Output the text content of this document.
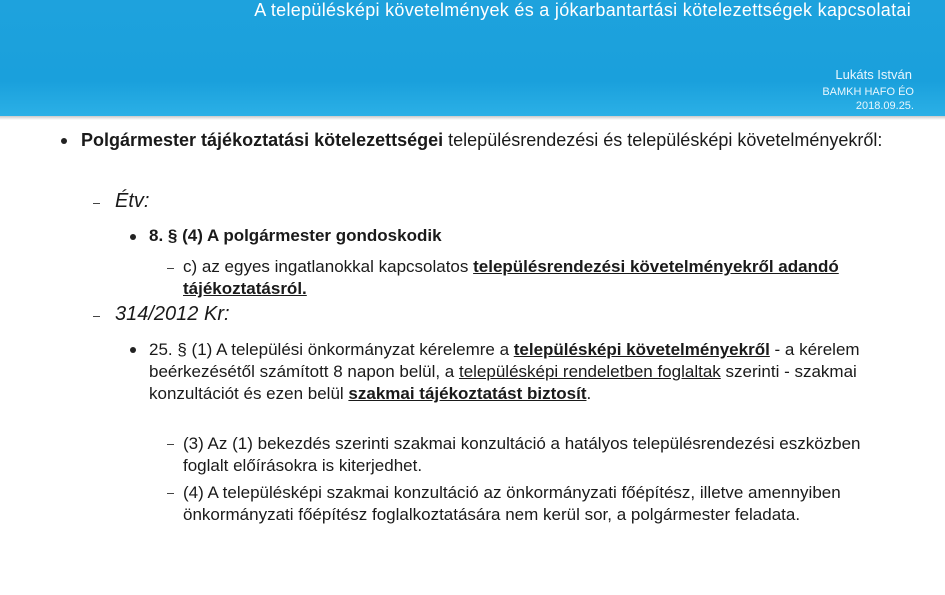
A településképi követelmények és a jókarbantartási kötelezettségek kapcsolatai
Lukáts István
BAMKH HAFO ÉO
2018.09.25.
Polgármester tájékoztatási kötelezettségei településrendezési és településképi követelményekről:
Étv:
8. § (4) A polgármester gondoskodik
c) az egyes ingatlanokkal kapcsolatos településrendezési követelményekről adandó tájékoztatásról.
314/2012 Kr:
25. § (1) A települési önkormányzat kérelemre a településképi követelményekről - a kérelem beérkezésétől számított 8 napon belül, a településképi rendeletben foglaltak szerinti - szakmai konzultációt és ezen belül szakmai tájékoztatást biztosít.
(3) Az (1) bekezdés szerinti szakmai konzultáció a hatályos településrendezési eszközben foglalt előírásokra is kiterjedhet.
(4) A településképi szakmai konzultáció az önkormányzati főépítész, illetve amennyiben önkormányzati főépítész foglalkoztatására nem kerül sor, a polgármester feladata.
